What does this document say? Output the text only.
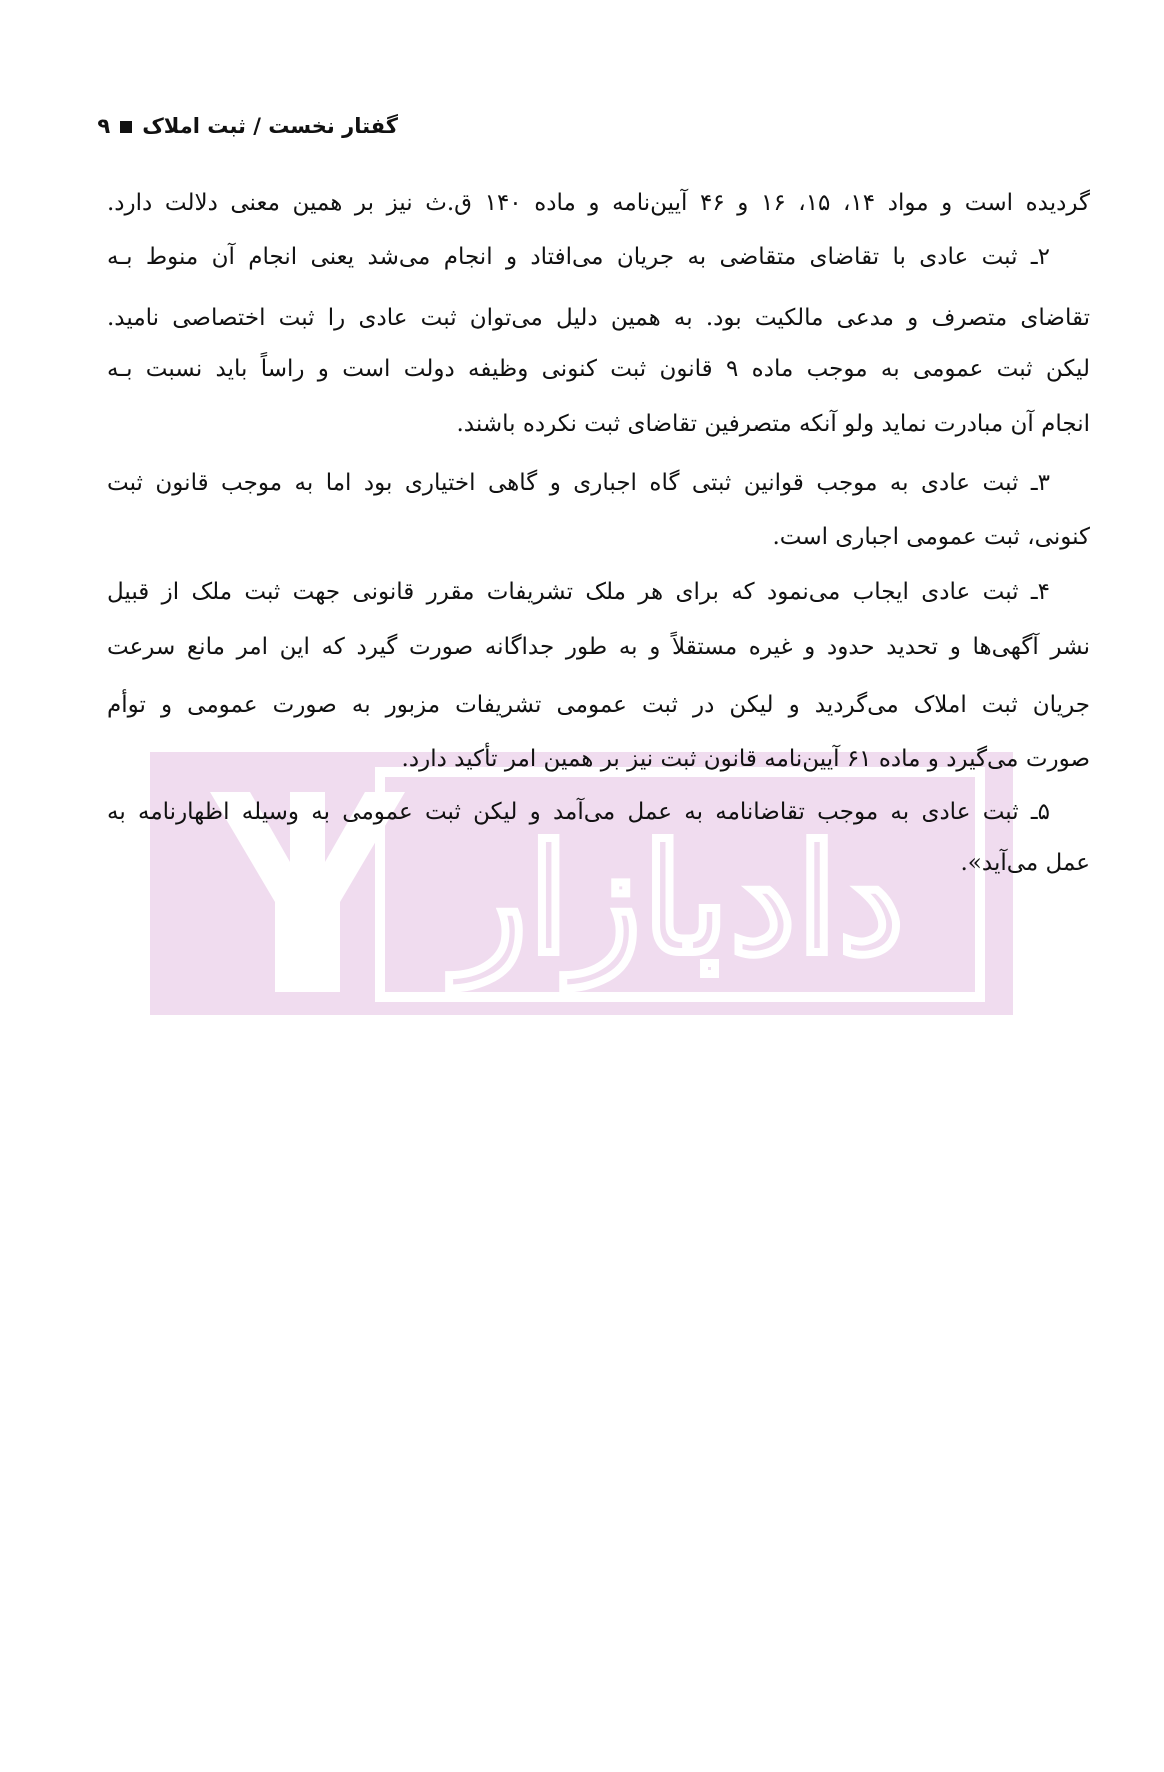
دادبازار
گفتار نخست / ثبت املاک۹
گردیده است و مواد ۱۴، ۱۵، ۱۶ و ۴۶ آیین‌نامه و ماده ۱۴۰ ق.ث نیز بر همین معنی دلالت دارد.
۲ـ ثبت عادی با تقاضای متقاضی به جریان می‌افتاد و انجام می‌شد یعنی انجام آن منوط بـه
تقاضای متصرف و مدعی مالکیت بود. به همین دلیل می‌توان ثبت عادی را ثبت اختصاصی نامید.
لیکن ثبت عمومی به موجب ماده ۹ قانون ثبت کنونی وظیفه دولت است و راساً باید نسبت بـه
انجام آن مبادرت نماید ولو آنکه متصرفین تقاضای ثبت نکرده باشند.
۳ـ ثبت عادی به موجب قوانین ثبتی گاه اجباری و گاهی اختیاری بود اما به موجب قانون ثبت
کنونی، ثبت عمومی اجباری است.
۴ـ ثبت عادی ایجاب می‌نمود که برای هر ملک تشریفات مقرر قانونی جهت ثبت ملک از قبیل
نشر آگهی‌ها و تحدید حدود و غیره مستقلاً و به طور جداگانه صورت گیرد که این امر مانع سرعت
جریان ثبت املاک می‌گردید و لیکن در ثبت عمومی تشریفات مزبور به صورت عمومی و توأم
صورت می‌گیرد و ماده ۶۱ آیین‌نامه قانون ثبت نیز بر همین امر تأکید دارد.
۵ـ ثبت عادی به موجب تقاضانامه به عمل می‌آمد و لیکن ثبت عمومی به وسیله اظهارنامه به
عمل می‌آید».
